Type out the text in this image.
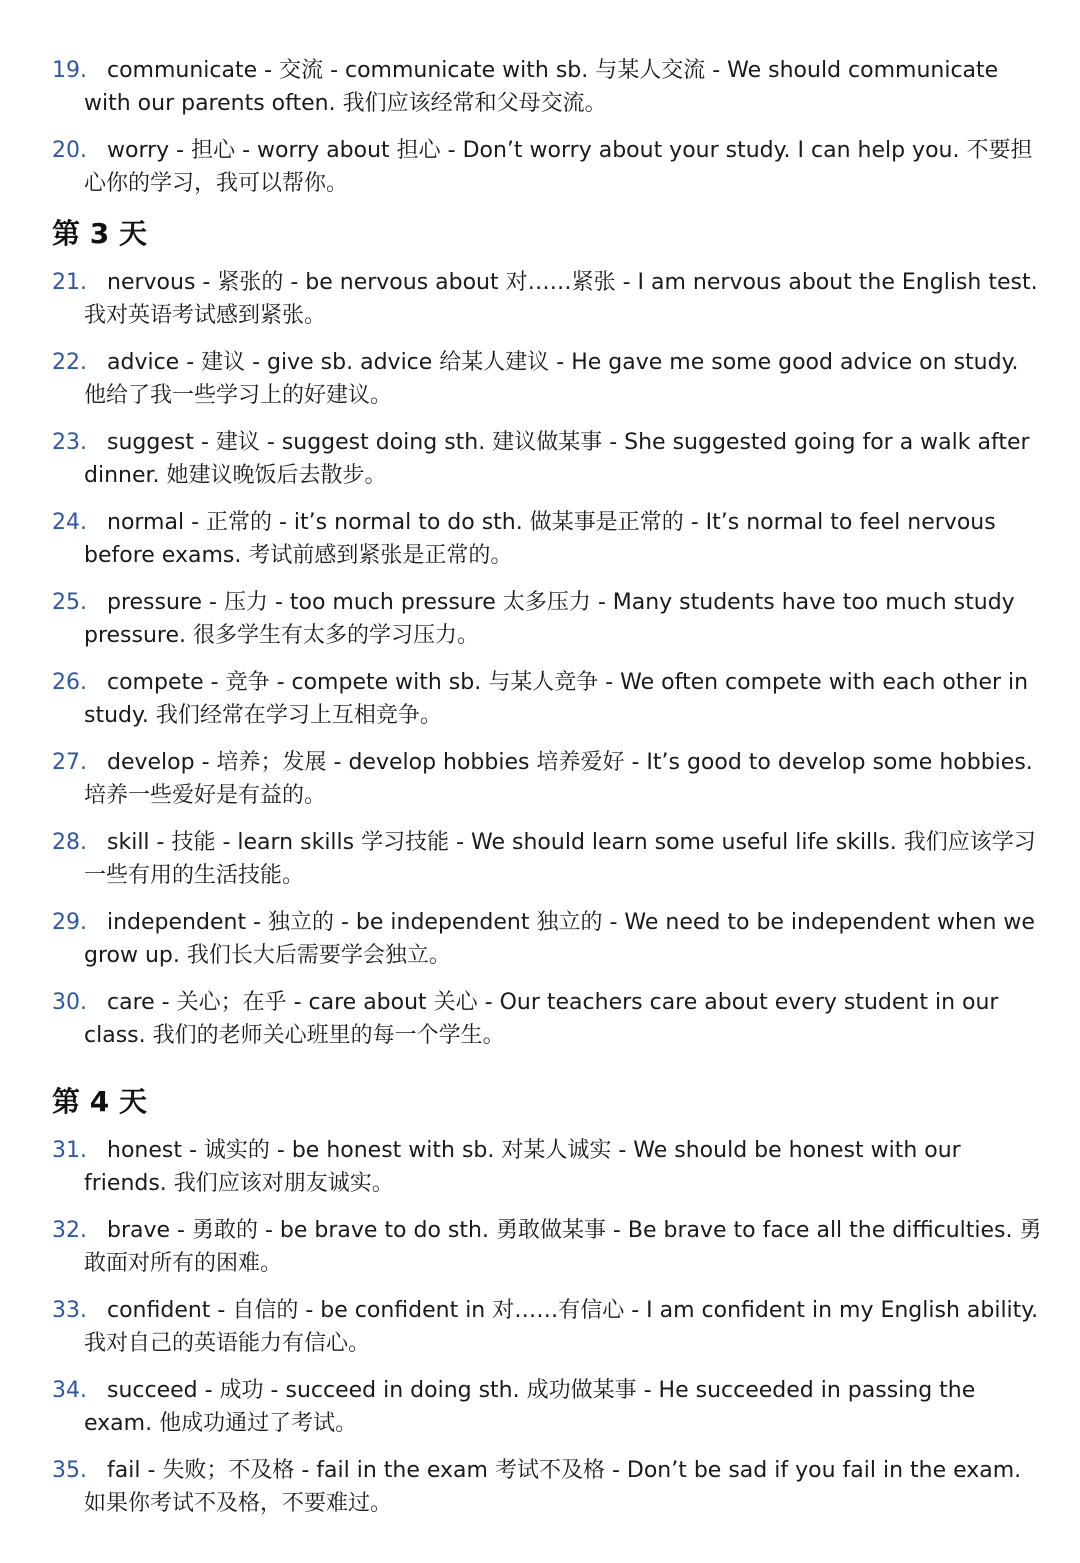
19. communicate - 交流 - communicate with sb. 与某人交流 - We should communicate with our parents often. 我们应该经常和父母交流。
20. worry - 担心 - worry about 担心 - Don’t worry about your study. I can help you. 不要担心你的学习，我可以帮你。
第 3 天
21. nervous - 紧张的 - be nervous about 对……紧张 - I am nervous about the English test. 我对英语考试感到紧张。
22. advice - 建议 - give sb. advice 给某人建议 - He gave me some good advice on study. 他给了我一些学习上的好建议。
23. suggest - 建议 - suggest doing sth. 建议做某事 - She suggested going for a walk after dinner. 她建议晚饭后去散步。
24. normal - 正常的 - it’s normal to do sth. 做某事是正常的 - It’s normal to feel nervous before exams. 考试前感到紧张是正常的。
25. pressure - 压力 - too much pressure 太多压力 - Many students have too much study pressure. 很多学生有太多的学习压力。
26. compete - 竞争 - compete with sb. 与某人竞争 - We often compete with each other in study. 我们经常在学习上互相竞争。
27. develop - 培养；发展 - develop hobbies 培养爱好 - It’s good to develop some hobbies. 培养一些爱好是有益的。
28. skill - 技能 - learn skills 学习技能 - We should learn some useful life skills. 我们应该学习一些有用的生活技能。
29. independent - 独立的 - be independent 独立的 - We need to be independent when we grow up. 我们长大后需要学会独立。
30. care - 关心；在乎 - care about 关心 - Our teachers care about every student in our class. 我们的老师关心班里的每一个学生。
第 4 天
31. honest - 诚实的 - be honest with sb. 对某人诚实 - We should be honest with our friends. 我们应该对朋友诚实。
32. brave - 勇敢的 - be brave to do sth. 勇敢做某事 - Be brave to face all the difficulties. 勇敢面对所有的困难。
33. confident - 自信的 - be confident in 对……有信心 - I am confident in my English ability. 我对自己的英语能力有信心。
34. succeed - 成功 - succeed in doing sth. 成功做某事 - He succeeded in passing the exam. 他成功通过了考试。
35. fail - 失败；不及格 - fail in the exam 考试不及格 - Don’t be sad if you fail in the exam. 如果你考试不及格，不要难过。
